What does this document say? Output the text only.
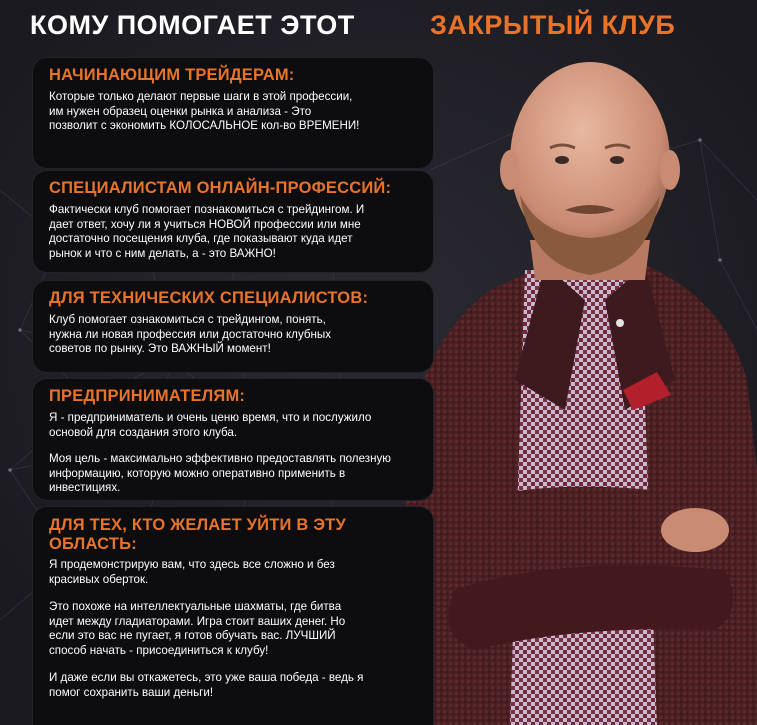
КОМУ ПОМОГАЕТ ЭТОТ	ЗАКРЫТЫЙ КЛУБ
НАЧИНАЮЩИМ ТРЕЙДЕРАМ:

Которые только делают первые шаги в этой профессии,
им нужен образец оценки рынка и анализа - Это
позволит с экономить КОЛОСАЛЬНОЕ кол-во ВРЕМЕНИ!

СПЕЦИАЛИСТАМ ОНЛАЙН-ПРОФЕССИЙ:

Фактически клуб помогает познакомиться с трейдингом. И
дает ответ, хочу ли я учиться НОВОЙ профессии или мне
достаточно посещения клуба, где показывают куда идет
рынок и что с ним делать, а - это ВАЖНО!

ДЛЯ ТЕХНИЧЕСКИХ СПЕЦИАЛИСТОВ:

Клуб помогает ознакомиться с трейдингом, понять,
нужна ли новая профессия или достаточно клубных
советов по рынку. Это ВАЖНЫЙ момент!

ПРЕДПРИНИМАТЕЛЯМ:

Я - предприниматель и очень ценю время, что и послужило
основой для создания этого клуба.

Моя цель - максимально эффективно предоставлять полезную
информацию, которую можно оперативно применить в
инвестициях.

ДЛЯ ТЕХ, КТО ЖЕЛАЕТ УЙТИ В ЭТУ
ОБЛАСТЬ:

Я продемонстрирую вам, что здесь все сложно и без
красивых оберток.

Это похоже на интеллектуальные шахматы, где битва
идет между гладиаторами. Игра стоит ваших денег. Но
если это вас не пугает, я готов обучать вас. ЛУЧШИЙ
способ начать - присоединиться к клубу!

И даже если вы откажетесь, это уже ваша победа - ведь я
помог сохранить ваши деньги!
